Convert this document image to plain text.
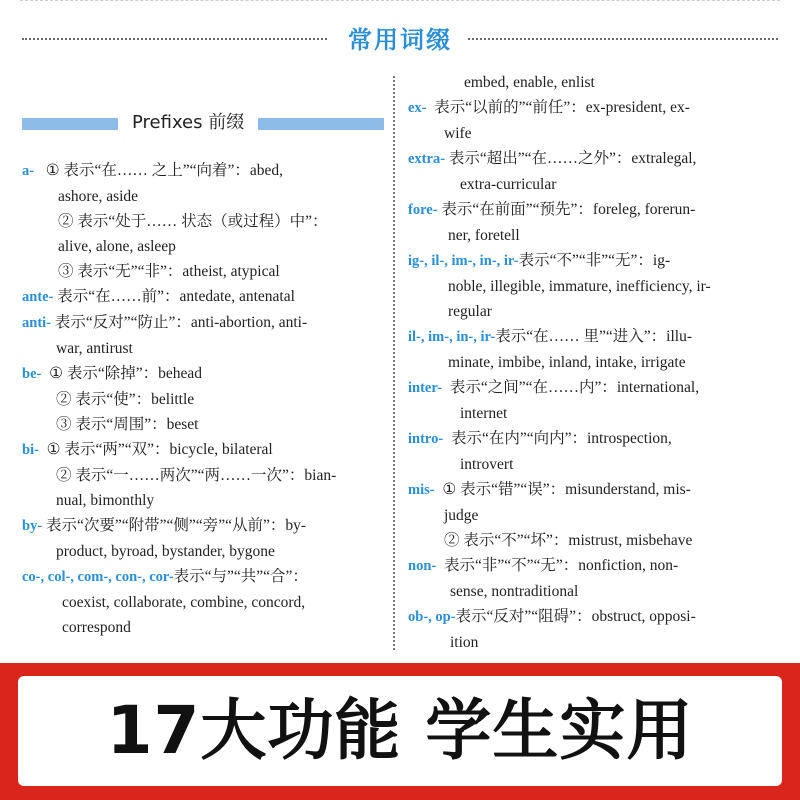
常用词缀
Prefixes 前缀
a- ① 表示“在…… 之上”“向着”：abed,
ashore, aside
② 表示“处于…… 状态（或过程）中”：
alive, alone, asleep
③ 表示“无”“非”：atheist, atypical
ante- 表示“在……前”：antedate, antenatal
anti- 表示“反对”“防止”：anti-abortion, anti-
war, antirust
be- ① 表示“除掉”：behead
② 表示“使”：belittle
③ 表示“周围”：beset
bi- ① 表示“两”“双”：bicycle, bilateral
② 表示“一……两次”“两……一次”：bian-
nual, bimonthly
by- 表示“次要”“附带”“侧”“旁”“从前”：by-
product, byroad, bystander, bygone
co-, col-, com-, con-, cor-表示“与”“共”“合”：
coexist, collaborate, combine, concord,
correspond
embed, enable, enlist
ex- 表示“以前的”“前任”：ex-president, ex-
wife
extra- 表示“超出”“在……之外”：extralegal,
extra-curricular
fore- 表示“在前面”“预先”：foreleg, forerun-
ner, foretell
ig-, il-, im-, in-, ir-表示“不”“非”“无”：ig-
noble, illegible, immature, inefficiency, ir-
regular
il-, im-, in-, ir-表示“在…… 里”“进入”：illu-
minate, imbibe, inland, intake, irrigate
inter- 表示“之间”“在……内”：international,
internet
intro- 表示“在内”“向内”：introspection,
introvert
mis- ① 表示“错”“误”：misunderstand, mis-
judge
② 表示“不”“坏”：mistrust, misbehave
non- 表示“非”“不”“无”：nonfiction, non-
sense, nontraditional
ob-, op-表示“反对”“阻碍”：obstruct, opposi-
ition
17大功能 学生实用
